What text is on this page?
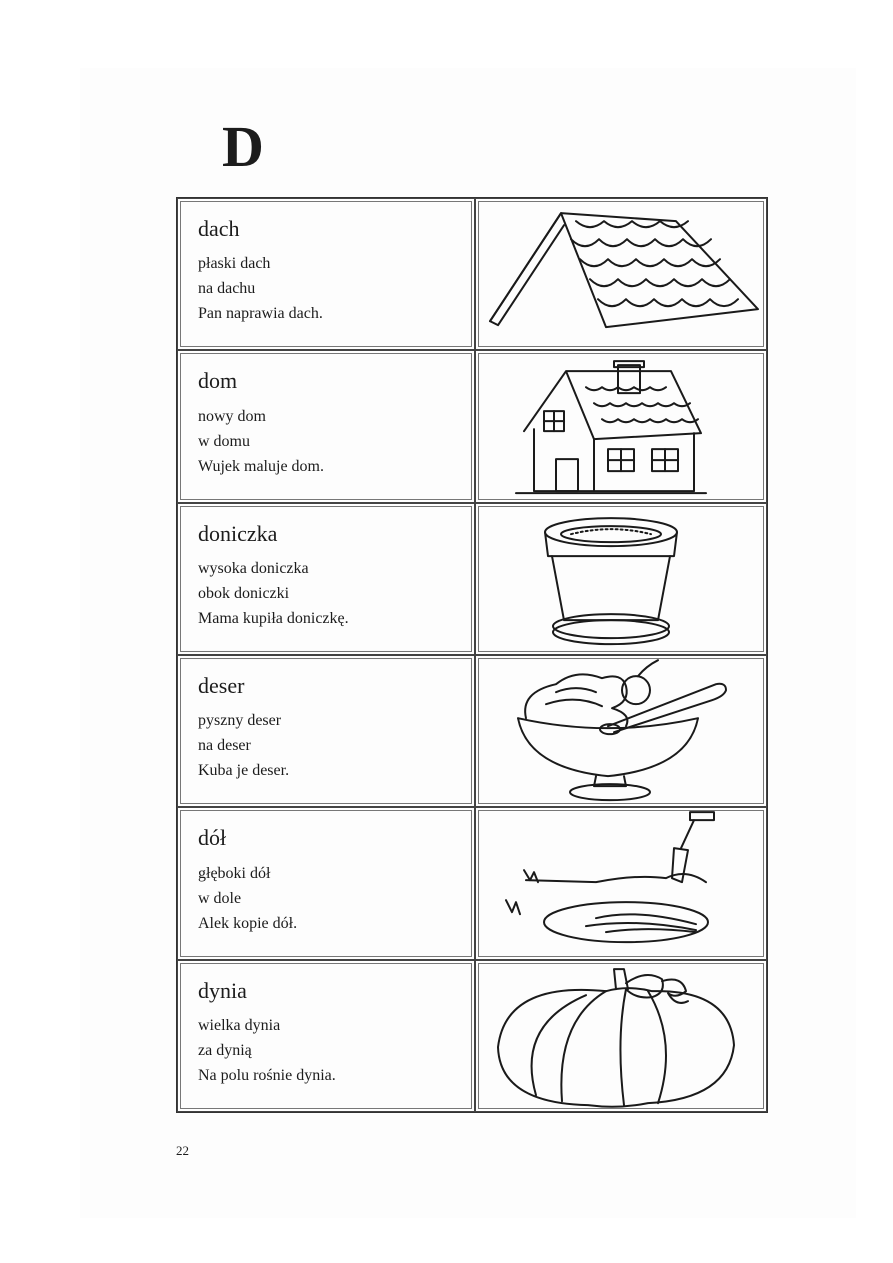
D

dach

płaski dach

na dachu

Pan naprawia dach.

dom

nowy dom

w domu

Wujek maluje dom.

doniczka

wysoka doniczka

obok doniczki

Mama kupiła doniczkę.

deser

pyszny deser

na deser

Kuba je deser.

dół

głęboki dół

w dole

Alek kopie dół.

dynia

wielka dynia

za dynią

Na polu rośnie dynia.

22
